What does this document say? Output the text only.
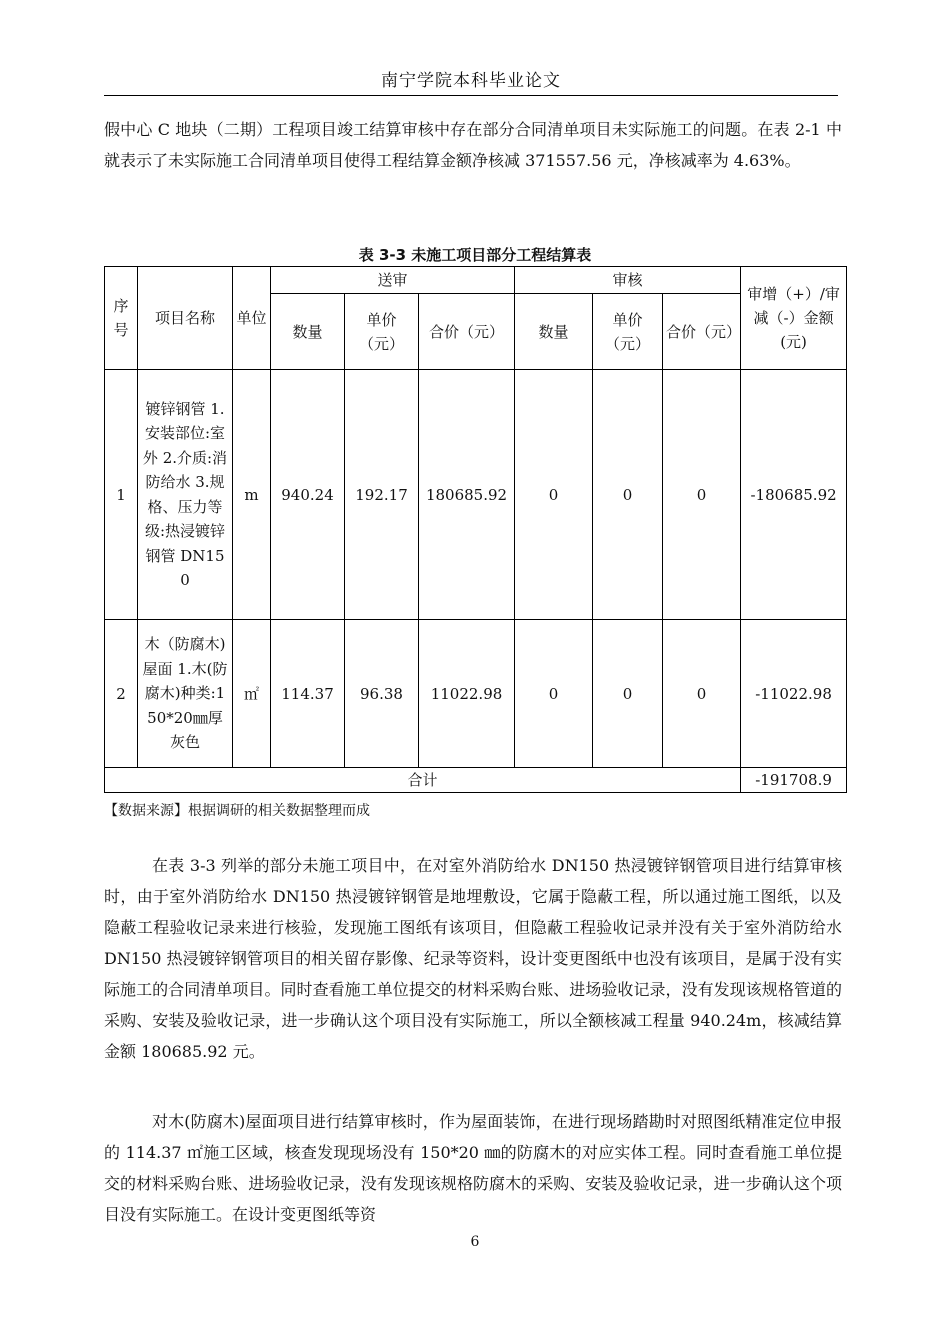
南宁学院本科毕业论文

假中心 C 地块（二期）工程项目竣工结算审核中存在部分合同清单项目未实际施工的问题。在表 2-1 中就表示了未实际施工合同清单项目使得工程结算金额净核减 371557.56 元，净核减率为 4.63%。

表 3-3 未施工项目部分工程结算表
序号	项目名称	单位	送审			审核			审增（+）/审减（-）金额(元)
			数量	单价（元）	合价（元）	数量	单价（元）	合价（元）	
1	镀锌钢管 1.安装部位:室外 2.介质:消防给水 3.规格、压力等级:热浸镀锌钢管 DN150	m	940.24	192.17	180685.92	0	0	0	-180685.92
2	木（防腐木)屋面 1.木(防腐木)种类:150*20㎜厚灰色	㎡	114.37	96.38	11022.98	0	0	0	-11022.98
合计									-191708.9
【数据来源】根据调研的相关数据整理而成

在表 3-3 列举的部分未施工项目中，在对室外消防给水 DN150 热浸镀锌钢管项目进行结算审核时，由于室外消防给水 DN150 热浸镀锌钢管是地埋敷设，它属于隐蔽工程，所以通过施工图纸，以及隐蔽工程验收记录来进行核验，发现施工图纸有该项目，但隐蔽工程验收记录并没有关于室外消防给水 DN150 热浸镀锌钢管项目的相关留存影像、纪录等资料，设计变更图纸中也没有该项目，是属于没有实际施工的合同清单项目。同时查看施工单位提交的材料采购台账、进场验收记录，没有发现该规格管道的采购、安装及验收记录，进一步确认这个项目没有实际施工，所以全额核减工程量 940.24m，核减结算金额 180685.92 元。

对木(防腐木)屋面项目进行结算审核时，作为屋面装饰，在进行现场踏勘时对照图纸精准定位申报的 114.37 ㎡施工区域，核查发现现场没有 150*20 ㎜的防腐木的对应实体工程。同时查看施工单位提交的材料采购台账、进场验收记录，没有发现该规格防腐木的采购、安装及验收记录，进一步确认这个项目没有实际施工。在设计变更图纸等资

6
